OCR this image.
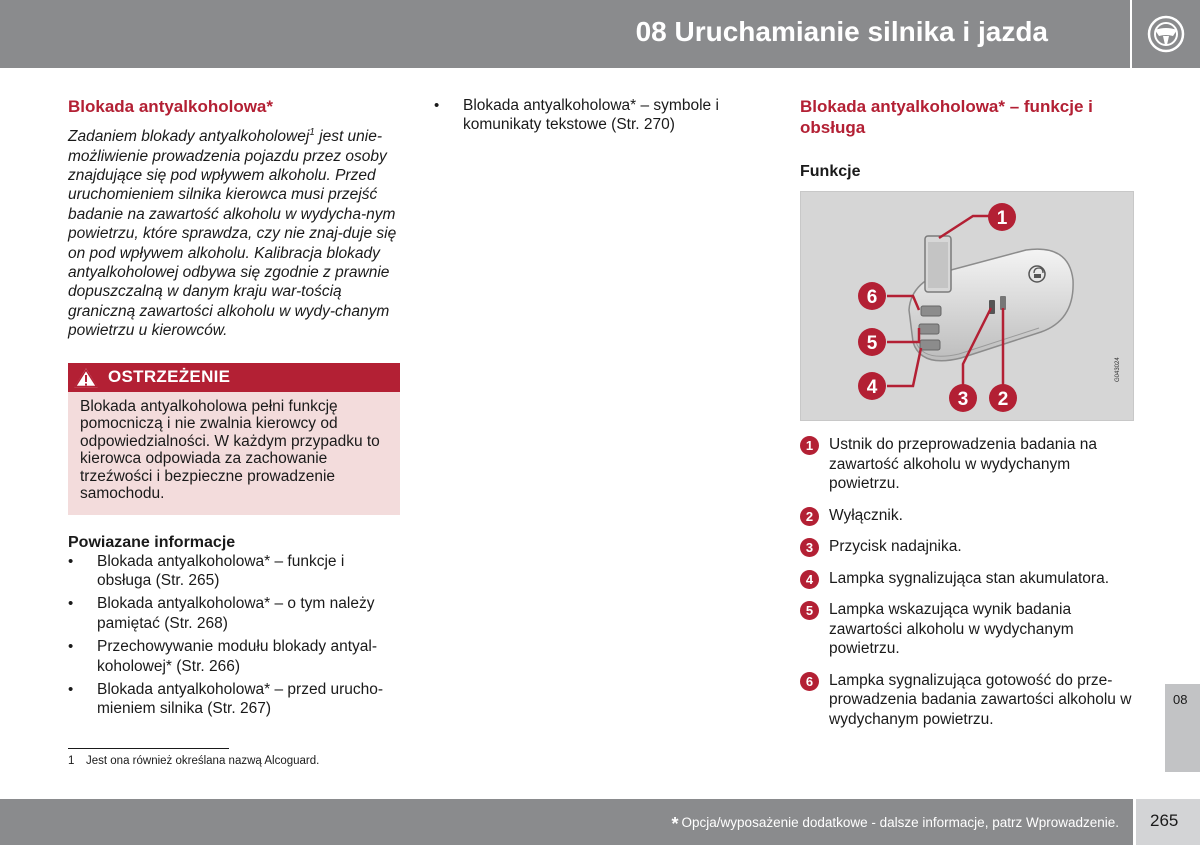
08 Uruchamianie silnika i jazda
Blokada antyalkoholowa*

Zadaniem blokady antyalkoholowej$^1$ jest unie-możliwienie prowadzenia pojazdu przez osoby znajdujące się pod wpływem alkoholu. Przed uruchomieniem silnika kierowca musi przejść badanie na zawartość alkoholu w wydycha-nym powietrzu, które sprawdza, czy nie znaj-duje się on pod wpływem alkoholu. Kalibracja blokady antyalkoholowej odbywa się zgodnie z prawnie dopuszczalną w danym kraju war-tością graniczną zawartości alkoholu w wydy-chanym powietrzu u kierowców.

OSTRZEŻENIE
Blokada antyalkoholowa pełni funkcję pomocniczą i nie zwalnia kierowcy od odpowiedzialności. W każdym przypadku to kierowca odpowiada za zachowanie trzeźwości i bezpieczne prowadzenie samochodu.
Powiazane informacje
• Blokada antyalkoholowa* – funkcje i obsługa (Str. 265)
• Blokada antyalkoholowa* – o tym należy pamiętać (Str. 268)
• Przechowywanie modułu blokady antyal-koholowej* (Str. 266)
• Blokada antyalkoholowa* – przed urucho-mieniem silnika (Str. 267)
• Blokada antyalkoholowa* – symbole i komunikaty tekstowe (Str. 270)
Blokada antyalkoholowa* – funkcje i obsługa
Funkcje
1
6
5
4
3 2
G043024
1	Ustnik do przeprowadzenia badania na zawartość alkoholu w wydychanym powietrzu.
2	Wyłącznik.
3	Przycisk nadajnika.
4	Lampka sygnalizująca stan akumulatora.
5	Lampka wskazująca wynik badania zawartości alkoholu w wydychanym powietrzu.
6	Lampka sygnalizująca gotowość do prze-prowadzenia badania zawartości alkoholu w wydychanym powietrzu.
1 Jest ona również określana nazwą Alcoguard.
08
* Opcja/wyposażenie dodatkowe - dalsze informacje, patrz Wprowadzenie. 265
